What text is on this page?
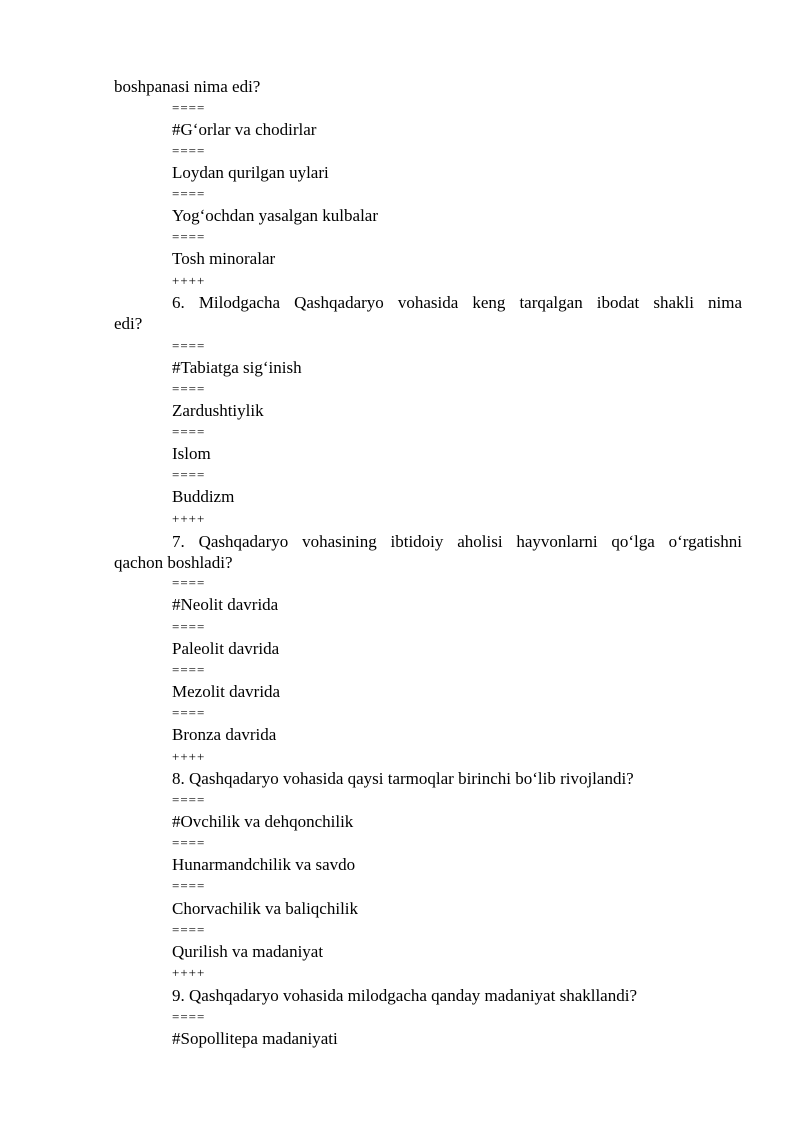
boshpanasi nima edi?
====
#G‘orlar va chodirlar
====
Loydan qurilgan uylari
====
Yog‘ochdan yasalgan kulbalar
====
Tosh minoralar
++++
6. Milodgacha Qashqadaryo vohasida keng tarqalgan ibodat shakli nima
edi?
====
#Tabiatga sig‘inish
====
Zardushtiylik
====
Islom
====
Buddizm
++++
7. Qashqadaryo vohasining ibtidoiy aholisi hayvonlarni qo‘lga o‘rgatishni
qachon boshladi?
====
#Neolit davrida
====
Paleolit davrida
====
Mezolit davrida
====
Bronza davrida
++++
8. Qashqadaryo vohasida qaysi tarmoqlar birinchi bo‘lib rivojlandi?
====
#Ovchilik va dehqonchilik
====
Hunarmandchilik va savdo
====
Chorvachilik va baliqchilik
====
Qurilish va madaniyat
++++
9. Qashqadaryo vohasida milodgacha qanday madaniyat shakllandi?
====
#Sopollitepa madaniyati
